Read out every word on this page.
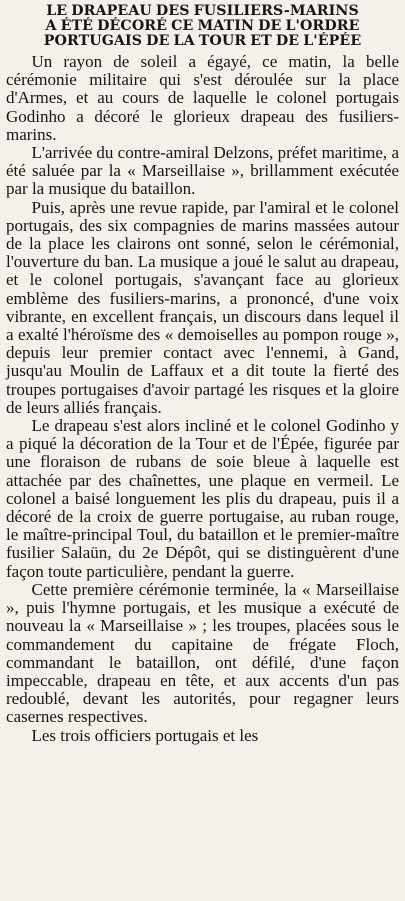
LE DRAPEAU DES FUSILIERS-MARINS
A ÉTÉ DÉCORÉ CE MATIN DE L'ORDRE
PORTUGAIS DE LA TOUR ET DE L'ÉPÉE

Un rayon de soleil a égayé, ce matin, la belle cérémonie militaire qui s'est déroulée sur la place d'Armes, et au cours de laquelle le colonel portugais Godinho a décoré le glorieux drapeau des fusiliers-marins.

L'arrivée du contre-amiral Delzons, préfet maritime, a été saluée par la « Marseillaise », brillamment exécutée par la musique du bataillon.

Puis, après une revue rapide, par l'amiral et le colonel portugais, des six compagnies de marins massées autour de la place les clairons ont sonné, selon le cérémonial, l'ouverture du ban. La musique a joué le salut au drapeau, et le colonel portugais, s'avançant face au glorieux emblème des fusiliers-marins, a prononcé, d'une voix vibrante, en excellent français, un discours dans lequel il a exalté l'héroïsme des « demoiselles au pompon rouge », depuis leur premier contact avec l'ennemi, à Gand, jusqu'au Moulin de Laffaux et a dit toute la fierté des troupes portugaises d'avoir partagé les risques et la gloire de leurs alliés français.

Le drapeau s'est alors incliné et le colonel Godinho y a piqué la décoration de la Tour et de l'Épée, figurée par une floraison de rubans de soie bleue à laquelle est attachée par des chaînettes, une plaque en vermeil. Le colonel a baisé longuement les plis du drapeau, puis il a décoré de la croix de guerre portugaise, au ruban rouge, le maître-principal Toul, du bataillon et le premier-maître fusilier Salaün, du 2e Dépôt, qui se distinguèrent d'une façon toute particulière, pendant la guerre.

Cette première cérémonie terminée, la « Marseillaise », puis l'hymne portugais, et les musique a exécuté de nouveau la « Marseillaise » ; les troupes, placées sous le commandement du capitaine de frégate Floch, commandant le bataillon, ont défilé, d'une façon impeccable, drapeau en tête, et aux accents d'un pas redoublé, devant les autorités, pour regagner leurs casernes respectives.

Les trois officiers portugais et les
